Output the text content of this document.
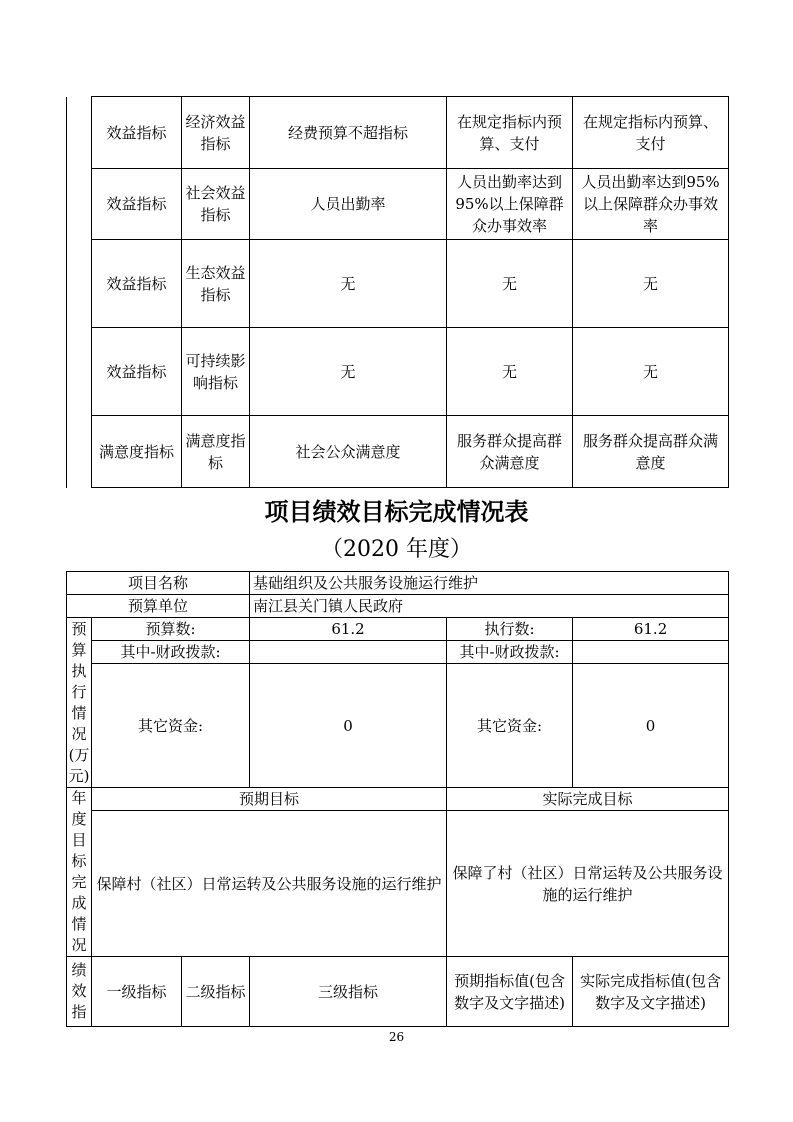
	效益指标	经济效益指标	经费预算不超指标	在规定指标内预算、支付	在规定指标内预算、支付
	效益指标	社会效益指标	人员出勤率	人员出勤率达到95%以上保障群众办事效率	人员出勤率达到95%以上保障群众办事效率
	效益指标	生态效益指标	无	无	无
	效益指标	可持续影响指标	无	无	无
	满意度指标	满意度指标	社会公众满意度	服务群众提高群众满意度	服务群众提高群众满意度
项目绩效目标完成情况表
（2020 年度）
项目名称			基础组织及公共服务设施运行维护		
预算单位			南江县关门镇人民政府		
预算执行情况(万元)	预算数:		61.2	执行数:	61.2
	其中-财政拨款:			其中-财政拨款:	
	其它资金:		0	其它资金:	0
年度目标完成情况	预期目标			实际完成目标	
	保障村（社区）日常运转及公共服务设施的运行维护			保障了村（社区）日常运转及公共服务设施的运行维护	
绩效指	一级指标	二级指标	三级指标	预期指标值(包含数字及文字描述)	实际完成指标值(包含数字及文字描述)
26
